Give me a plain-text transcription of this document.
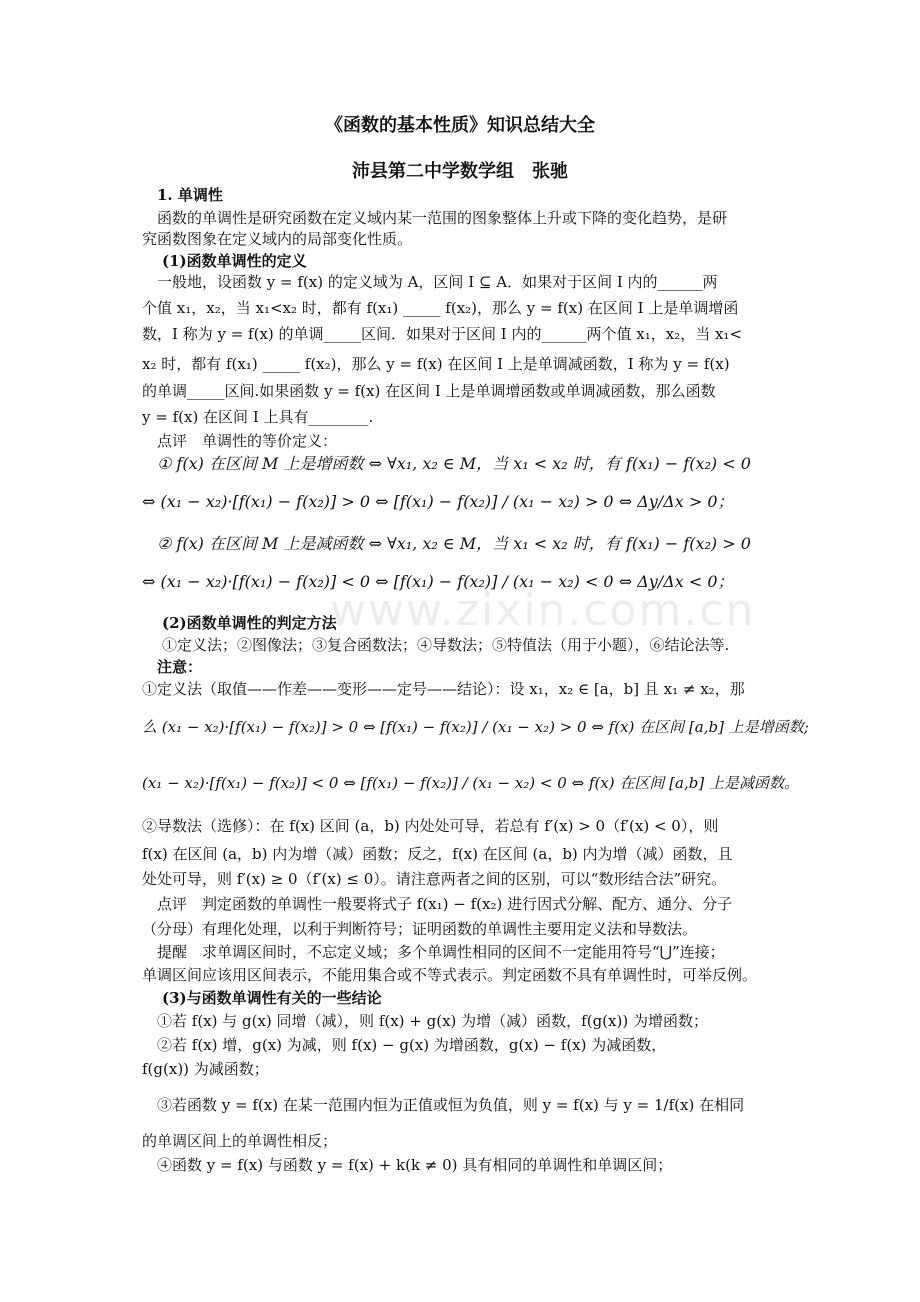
www.zixin.com.cn
《函数的基本性质》知识总结大全
沛县第二中学数学组　张驰
1. 单调性
函数的单调性是研究函数在定义域内某一范围的图象整体上升或下降的变化趋势，是研
究函数图象在定义域内的局部变化性质。
(1)函数单调性的定义
一般地，设函数 y = f(x) 的定义域为 A，区间 I ⊆ A．如果对于区间 I 内的______两
个值 x₁，x₂，当 x₁<x₂ 时，都有 f(x₁) _____ f(x₂)，那么 y = f(x) 在区间 I 上是单调增函
数，I 称为 y = f(x) 的单调_____区间．如果对于区间 I 内的______两个值 x₁，x₂，当 x₁<
x₂ 时，都有 f(x₁) _____ f(x₂)，那么 y = f(x) 在区间 I 上是单调减函数，I 称为 y = f(x)
的单调_____区间.如果函数 y = f(x) 在区间 I 上是单调增函数或单调减函数，那么函数
y = f(x) 在区间 I 上具有________.
点评　单调性的等价定义：
① f(x) 在区间 M 上是增函数 ⇔ ∀x₁, x₂ ∈ M，当 x₁ < x₂ 时，有 f(x₁) − f(x₂) < 0
⇔ (x₁ − x₂)·[f(x₁) − f(x₂)] > 0 ⇔ [f(x₁) − f(x₂)] / (x₁ − x₂) > 0 ⇔ Δy/Δx > 0；
② f(x) 在区间 M 上是减函数 ⇔ ∀x₁, x₂ ∈ M，当 x₁ < x₂ 时，有 f(x₁) − f(x₂) > 0
⇔ (x₁ − x₂)·[f(x₁) − f(x₂)] < 0 ⇔ [f(x₁) − f(x₂)] / (x₁ − x₂) < 0 ⇔ Δy/Δx < 0；
(2)函数单调性的判定方法
①定义法；②图像法；③复合函数法；④导数法；⑤特值法（用于小题），⑥结论法等.
注意：
①定义法（取值——作差——变形——定号——结论）：设 x₁，x₂ ∈ [a，b] 且 x₁ ≠ x₂，那
么 (x₁ − x₂)·[f(x₁) − f(x₂)] > 0 ⇔ [f(x₁) − f(x₂)] / (x₁ − x₂) > 0 ⇔ f(x) 在区间 [a,b] 上是增函数;
(x₁ − x₂)·[f(x₁) − f(x₂)] < 0 ⇔ [f(x₁) − f(x₂)] / (x₁ − x₂) < 0 ⇔ f(x) 在区间 [a,b] 上是减函数。
②导数法（选修）：在 f(x) 区间 (a，b) 内处处可导，若总有 f′(x) > 0（f′(x) < 0），则
f(x) 在区间 (a，b) 内为增（减）函数；反之，f(x) 在区间 (a，b) 内为增（减）函数，且
处处可导，则 f′(x) ≥ 0（f′(x) ≤ 0）。请注意两者之间的区别，可以“数形结合法”研究。
点评　判定函数的单调性一般要将式子 f(x₁) − f(x₂) 进行因式分解、配方、通分、分子
（分母）有理化处理，以利于判断符号；证明函数的单调性主要用定义法和导数法。
提醒　求单调区间时，不忘定义域；多个单调性相同的区间不一定能用符号“⋃”连接；
单调区间应该用区间表示，不能用集合或不等式表示。判定函数不具有单调性时，可举反例。
(3)与函数单调性有关的一些结论
①若 f(x) 与 g(x) 同增（减），则 f(x) + g(x) 为增（减）函数，f(g(x)) 为增函数；
②若 f(x) 增，g(x) 为减，则 f(x) − g(x) 为增函数，g(x) − f(x) 为减函数，
f(g(x)) 为减函数；
③若函数 y = f(x) 在某一范围内恒为正值或恒为负值，则 y = f(x) 与 y = 1/f(x) 在相同
的单调区间上的单调性相反；
④函数 y = f(x) 与函数 y = f(x) + k(k ≠ 0) 具有相同的单调性和单调区间；
